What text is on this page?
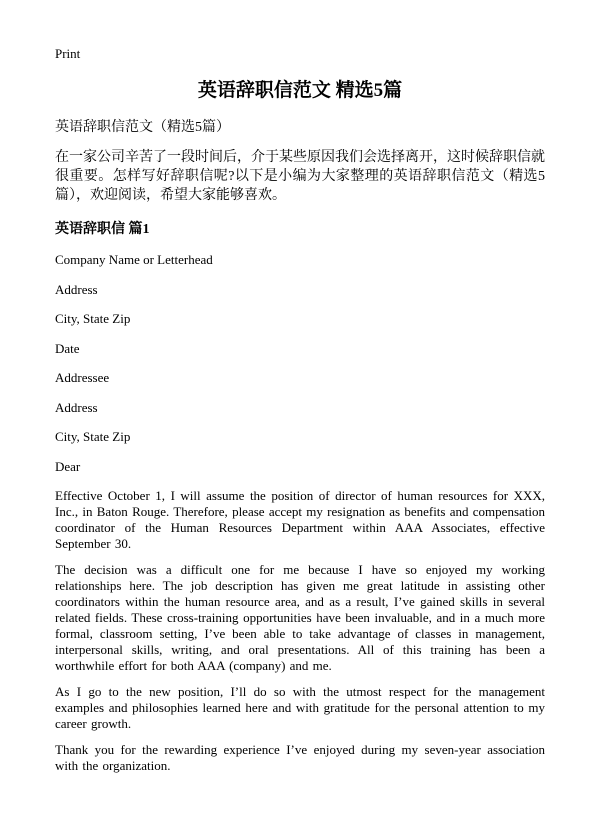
Print
英语辞职信范文 精选5篇

英语辞职信范文（精选5篇）

在一家公司辛苦了一段时间后，介于某些原因我们会选择离开，这时候辞职信就很重要。怎样写好辞职信呢?以下是小编为大家整理的英语辞职信范文（精选5篇），欢迎阅读，希望大家能够喜欢。

英语辞职信 篇1

Company Name or Letterhead

Address

City, State Zip

Date

Addressee

Address

City, State Zip

Dear

Effective October 1, I will assume the position of director of human resources for XXX, Inc., in Baton Rouge. Therefore, please accept my resignation as benefits and compensation coordinator of the Human Resources Department within AAA Associates, effective September 30.

The decision was a difficult one for me because I have so enjoyed my working relationships here. The job description has given me great latitude in assisting other coordinators within the human resource area, and as a result, I’ve gained skills in several related fields. These cross-training opportunities have been invaluable, and in a much more formal, classroom setting, I’ve been able to take advantage of classes in management, interpersonal skills, writing, and oral presentations. All of this training has been a worthwhile effort for both AAA (company) and me.

As I go to the new position, I’ll do so with the utmost respect for the management examples and philosophies learned here and with gratitude for the personal attention to my career growth.

Thank you for the rewarding experience I’ve enjoyed during my seven-year association with the organization.
